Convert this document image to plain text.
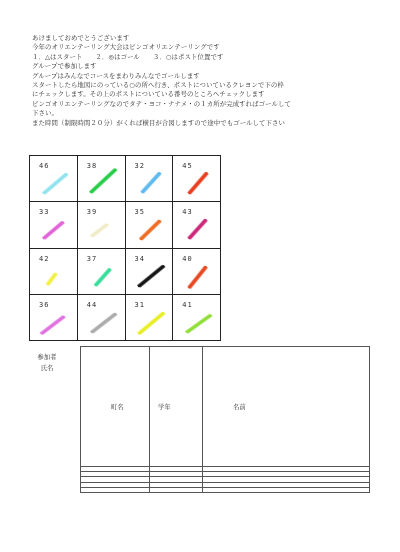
あけましておめでとうございます
今年のオリエンテーリング大会はビンゴオリエンテーリングです
１．△はスタート　　２．◎はゴール　　３．○はポスト位置です
グループで参加します
グループはみんなでコースをまわりみんなでゴールします
スタートしたら地図にのっている○の所へ行き、ポストについているクレヨンで下の枠
にチェックします。その上のポストについている番号のところへチェックします
ビンゴオリエンテーリングなのでタテ・ヨコ・ナナメ・の１カ所が完成すればゴールして
下さい。
また時間（制限時間２０分）がくれば横目が合図しますので途中でもゴールして下さい
46	38	32	45
33	39	35	43
42	37	34	40
36	44	31	41
参加者
氏名
町名	学年	名前
